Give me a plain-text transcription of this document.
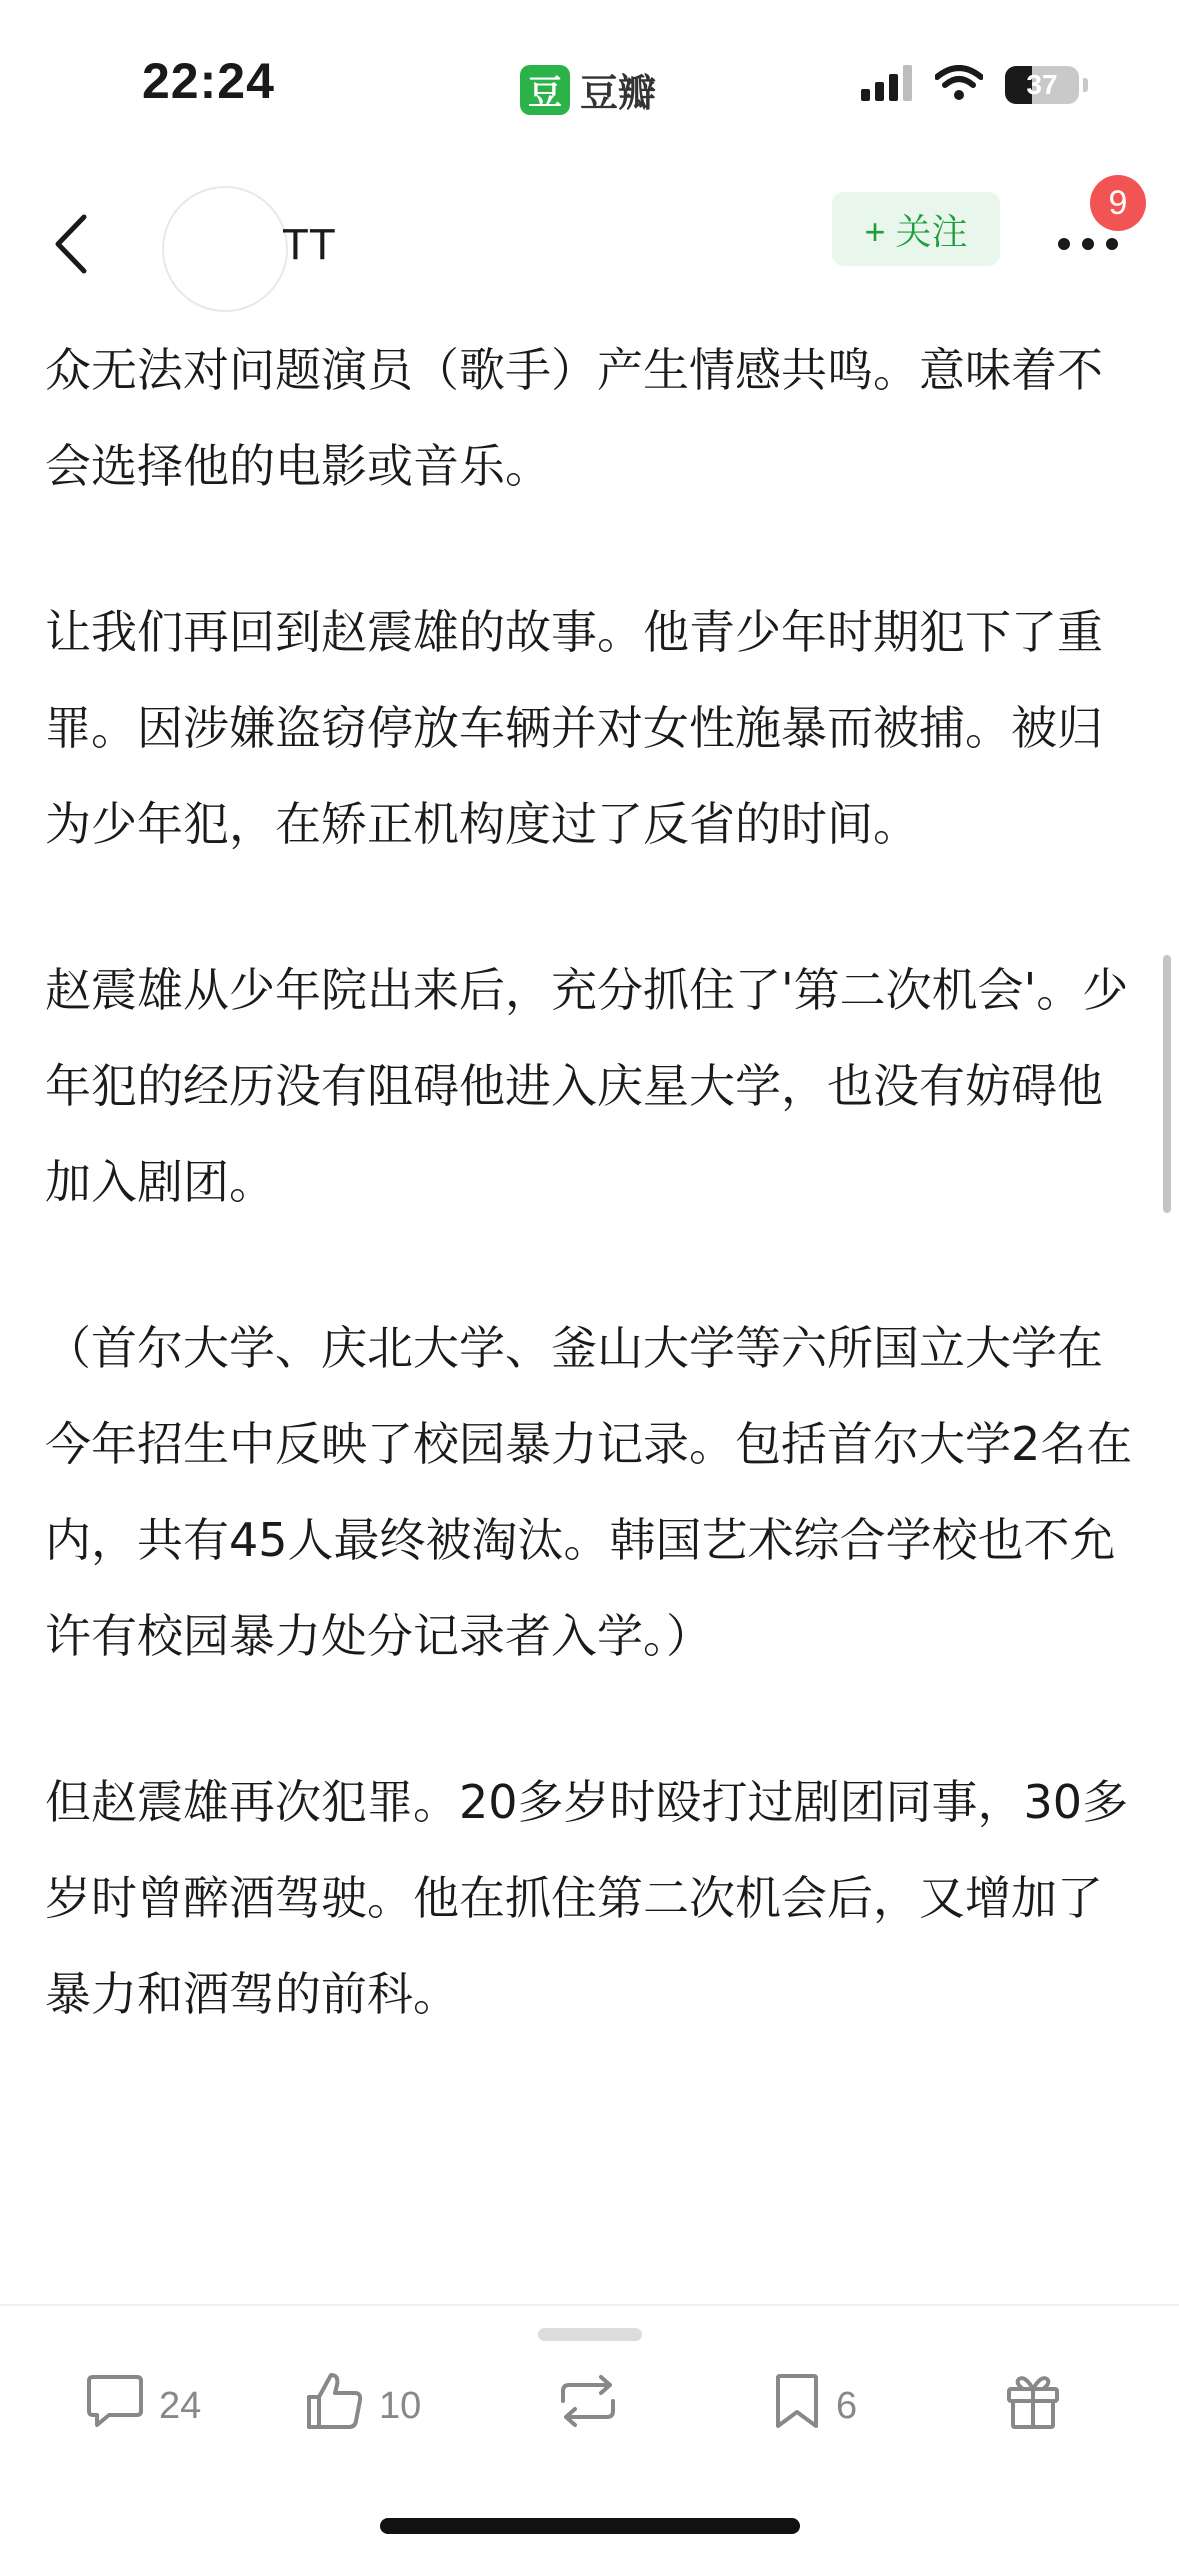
22:24	豆 豆瓣	37
TT	+ 关注
9

众无法对问题演员（歌手）产生情感共鸣。意味着不会选择他的电影或音乐。

让我们再回到赵震雄的故事。他青少年时期犯下了重罪。因涉嫌盗窃停放车辆并对女性施暴而被捕。被归为少年犯，在矫正机构度过了反省的时间。

赵震雄从少年院出来后，充分抓住了'第二次机会'。少年犯的经历没有阻碍他进入庆星大学，也没有妨碍他加入剧团。

（首尔大学、庆北大学、釜山大学等六所国立大学在今年招生中反映了校园暴力记录。包括首尔大学2名在内，共有45人最终被淘汰。韩国艺术综合学校也不允许有校园暴力处分记录者入学。）

但赵震雄再次犯罪。20多岁时殴打过剧团同事，30多岁时曾醉酒驾驶。他在抓住第二次机会后，又增加了暴力和酒驾的前科。

24	10	6
